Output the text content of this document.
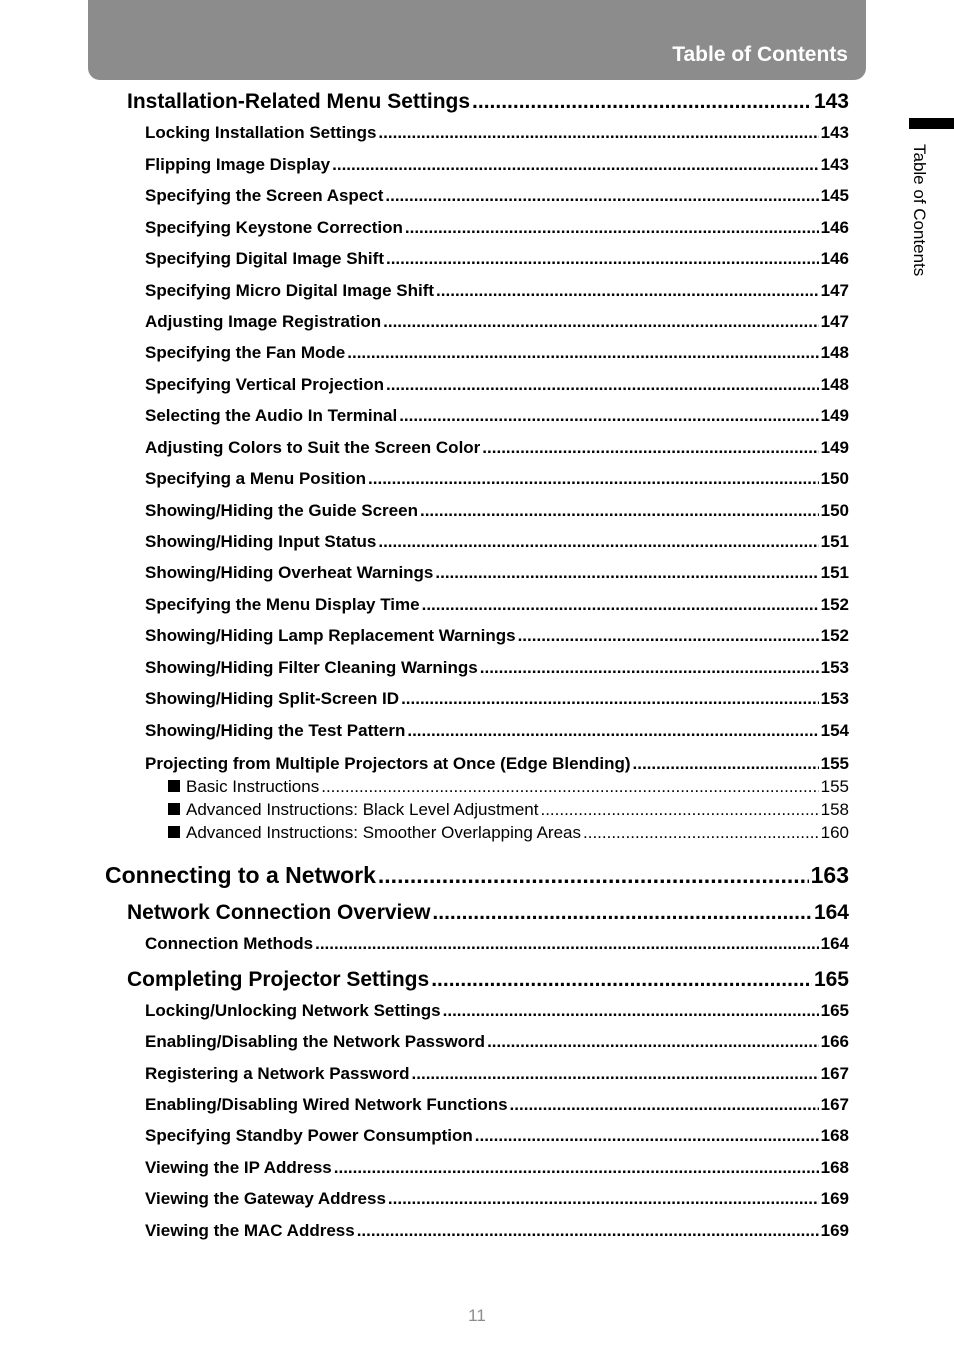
Table of Contents
Table of Contents
Installation-Related Menu Settings .....	143
Locking Installation Settings .....	143
Flipping Image Display .....	143
Specifying the Screen Aspect .....	145
Specifying Keystone Correction .....	146
Specifying Digital Image Shift .....	146
Specifying Micro Digital Image Shift .....	147
Adjusting Image Registration .....	147
Specifying the Fan Mode .....	148
Specifying Vertical Projection .....	148
Selecting the Audio In Terminal .....	149
Adjusting Colors to Suit the Screen Color .....	149
Specifying a Menu Position .....	150
Showing/Hiding the Guide Screen .....	150
Showing/Hiding Input Status .....	151
Showing/Hiding Overheat Warnings .....	151
Specifying the Menu Display Time .....	152
Showing/Hiding Lamp Replacement Warnings .....	152
Showing/Hiding Filter Cleaning Warnings .....	153
Showing/Hiding Split-Screen ID .....	153
Showing/Hiding the Test Pattern .....	154
Projecting from Multiple Projectors at Once (Edge Blending) .....	155
Basic Instructions .....	155
Advanced Instructions: Black Level Adjustment .....	158
Advanced Instructions: Smoother Overlapping Areas .....	160
Connecting to a Network .....	163
Network Connection Overview .....	164
Connection Methods .....	164
Completing Projector Settings .....	165
Locking/Unlocking Network Settings .....	165
Enabling/Disabling the Network Password .....	166
Registering a Network Password .....	167
Enabling/Disabling Wired Network Functions .....	167
Specifying Standby Power Consumption .....	168
Viewing the IP Address .....	168
Viewing the Gateway Address .....	169
Viewing the MAC Address .....	169
11
